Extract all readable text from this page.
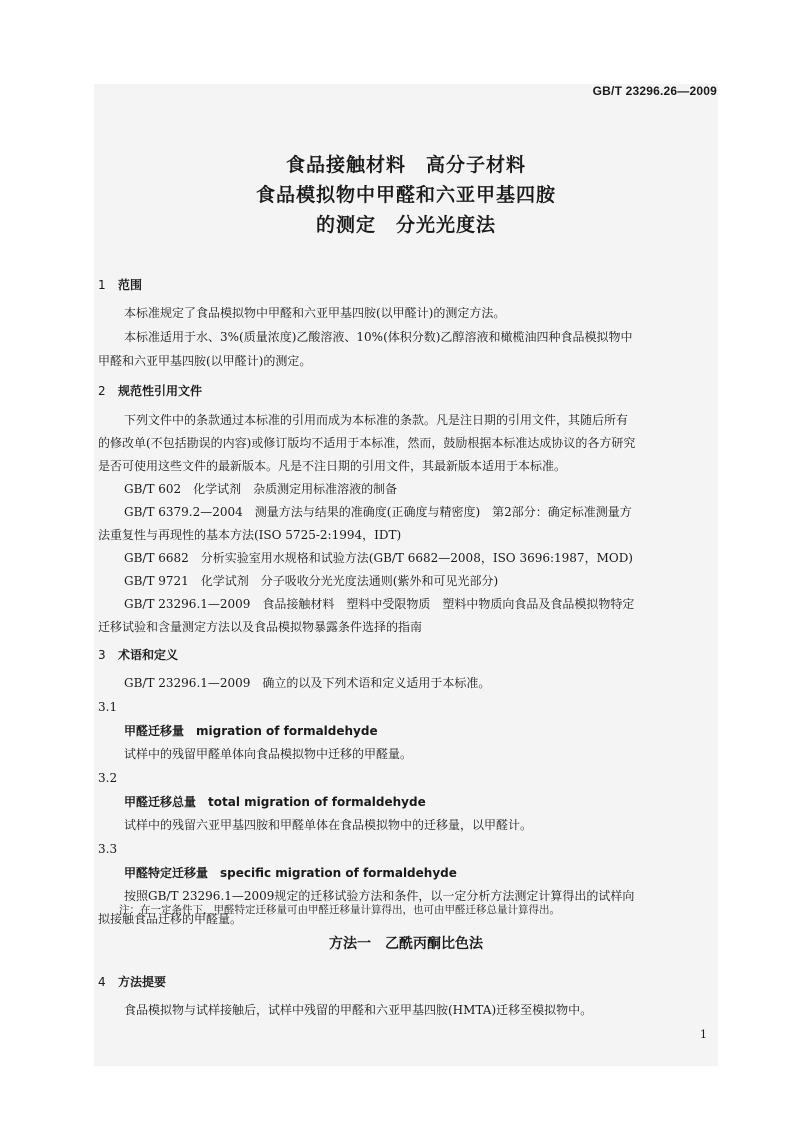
GB/T 23296.26—2009
食品接触材料　高分子材料
食品模拟物中甲醛和六亚甲基四胺
的测定　分光光度法
1 范围
本标准规定了食品模拟物中甲醛和六亚甲基四胺(以甲醛计)的测定方法。
本标准适用于水、3%(质量浓度)乙酸溶液、10%(体积分数)乙醇溶液和橄榄油四种食品模拟物中
甲醛和六亚甲基四胺(以甲醛计)的测定。
2 规范性引用文件
下列文件中的条款通过本标准的引用而成为本标准的条款。凡是注日期的引用文件，其随后所有
的修改单(不包括勘误的内容)或修订版均不适用于本标准，然而，鼓励根据本标准达成协议的各方研究
是否可使用这些文件的最新版本。凡是不注日期的引用文件，其最新版本适用于本标准。
GB/T 602　化学试剂　杂质测定用标准溶液的制备
GB/T 6379.2—2004　测量方法与结果的准确度(正确度与精密度)　第2部分：确定标准测量方
法重复性与再现性的基本方法(ISO 5725-2:1994，IDT)
GB/T 6682　分析实验室用水规格和试验方法(GB/T 6682—2008，ISO 3696:1987，MOD)
GB/T 9721　化学试剂　分子吸收分光光度法通则(紫外和可见光部分)
GB/T 23296.1—2009　食品接触材料　塑料中受限物质　塑料中物质向食品及食品模拟物特定
迁移试验和含量测定方法以及食品模拟物暴露条件选择的指南
3 术语和定义
GB/T 23296.1—2009　确立的以及下列术语和定义适用于本标准。
3.1
甲醛迁移量　migration of formaldehyde
试样中的残留甲醛单体向食品模拟物中迁移的甲醛量。
3.2
甲醛迁移总量　total migration of formaldehyde
试样中的残留六亚甲基四胺和甲醛单体在食品模拟物中的迁移量，以甲醛计。
3.3
甲醛特定迁移量　specific migration of formaldehyde
按照GB/T 23296.1—2009规定的迁移试验方法和条件，以一定分析方法测定计算得出的试样向
拟接触食品迁移的甲醛量。
方法一　乙酰丙酮比色法
4 方法提要
食品模拟物与试样接触后，试样中残留的甲醛和六亚甲基四胺(HMTA)迁移至模拟物中。
1
注：在一定条件下，甲醛特定迁移量可由甲醛迁移量计算得出，也可由甲醛迁移总量计算得出。
